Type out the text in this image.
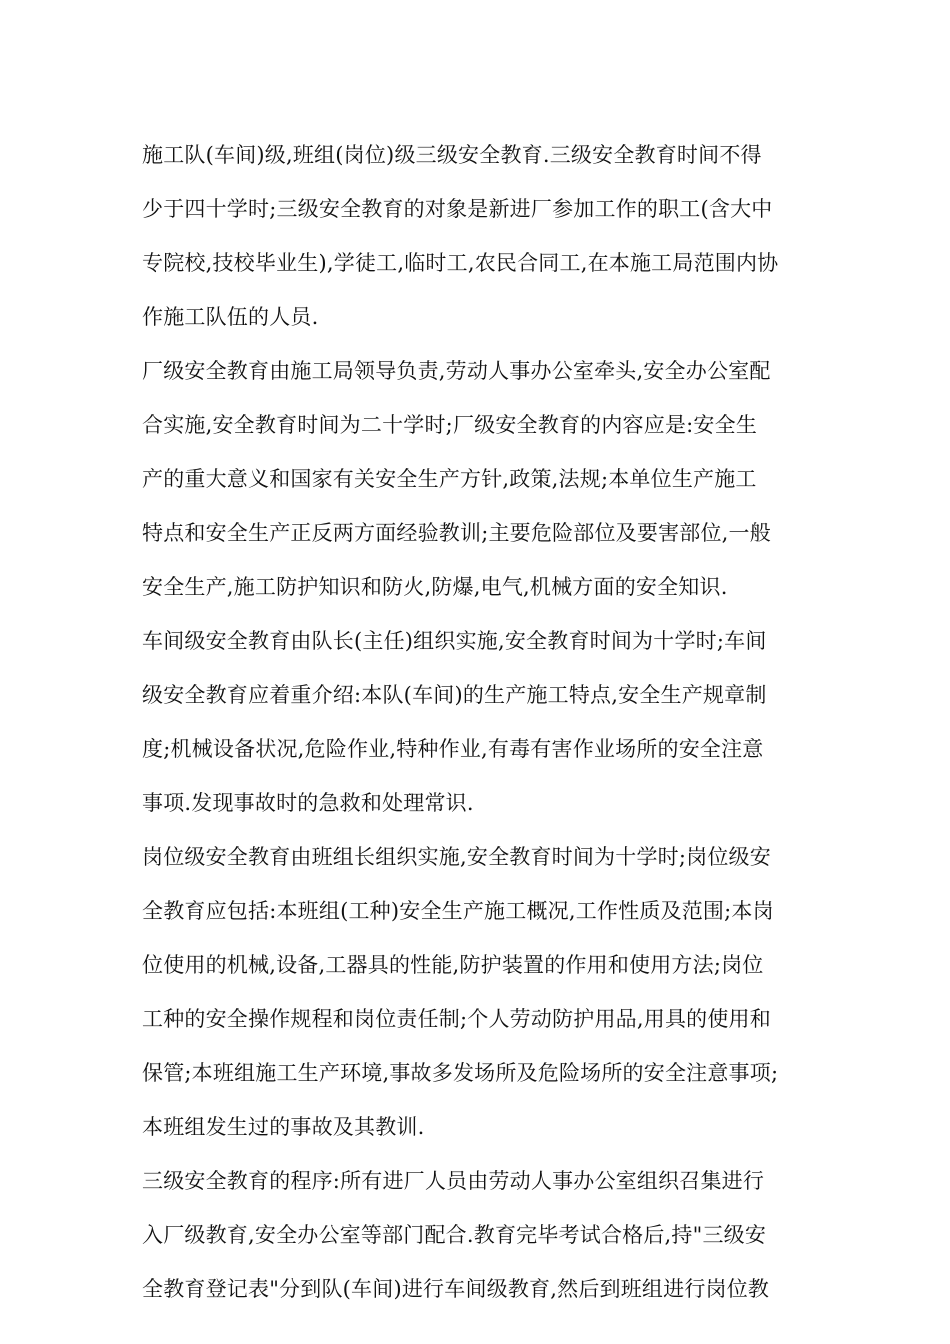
施工队(车间)级,班组(岗位)级三级安全教育.三级安全教育时间不得
少于四十学时;三级安全教育的对象是新进厂参加工作的职工(含大中
专院校,技校毕业生),学徒工,临时工,农民合同工,在本施工局范围内协
作施工队伍的人员.
厂级安全教育由施工局领导负责,劳动人事办公室牵头,安全办公室配
合实施,安全教育时间为二十学时;厂级安全教育的内容应是:安全生
产的重大意义和国家有关安全生产方针,政策,法规;本单位生产施工
特点和安全生产正反两方面经验教训;主要危险部位及要害部位,一般
安全生产,施工防护知识和防火,防爆,电气,机械方面的安全知识.
车间级安全教育由队长(主任)组织实施,安全教育时间为十学时;车间
级安全教育应着重介绍:本队(车间)的生产施工特点,安全生产规章制
度;机械设备状况,危险作业,特种作业,有毒有害作业场所的安全注意
事项.发现事故时的急救和处理常识.
岗位级安全教育由班组长组织实施,安全教育时间为十学时;岗位级安
全教育应包括:本班组(工种)安全生产施工概况,工作性质及范围;本岗
位使用的机械,设备,工器具的性能,防护装置的作用和使用方法;岗位
工种的安全操作规程和岗位责任制;个人劳动防护用品,用具的使用和
保管;本班组施工生产环境,事故多发场所及危险场所的安全注意事项;
本班组发生过的事故及其教训.
三级安全教育的程序:所有进厂人员由劳动人事办公室组织召集进行
入厂级教育,安全办公室等部门配合.教育完毕考试合格后,持"三级安
全教育登记表"分到队(车间)进行车间级教育,然后到班组进行岗位教
